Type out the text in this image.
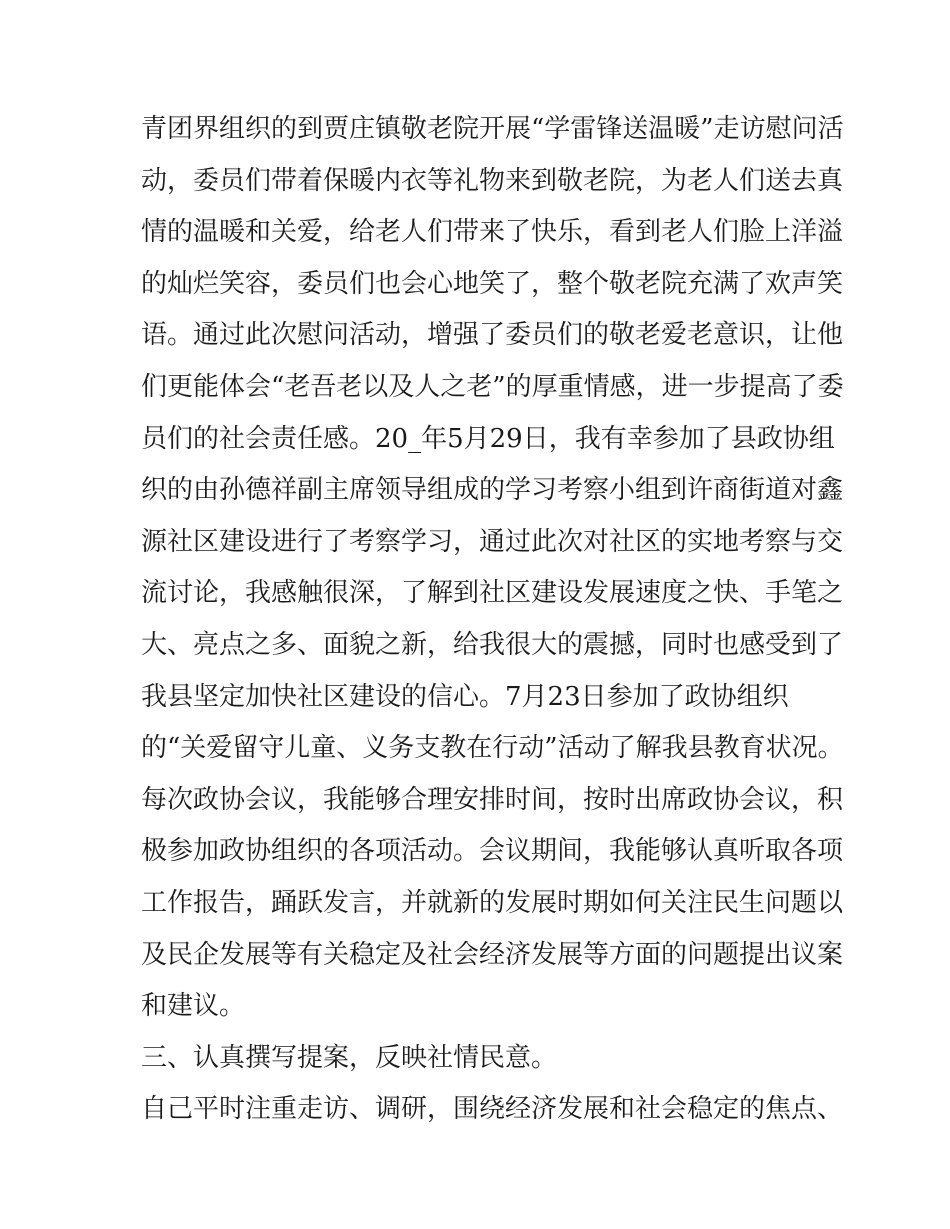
青团界组织的到贾庄镇敬老院开展“学雷锋送温暖”走访慰问活
动，委员们带着保暖内衣等礼物来到敬老院，为老人们送去真
情的温暖和关爱，给老人们带来了快乐，看到老人们脸上洋溢
的灿烂笑容，委员们也会心地笑了，整个敬老院充满了欢声笑
语。通过此次慰问活动，增强了委员们的敬老爱老意识，让他
们更能体会“老吾老以及人之老”的厚重情感，进一步提高了委
员们的社会责任感。20_年5月29日，我有幸参加了县政协组
织的由孙德祥副主席领导组成的学习考察小组到许商街道对鑫
源社区建设进行了考察学习，通过此次对社区的实地考察与交
流讨论，我感触很深，了解到社区建设发展速度之快、手笔之
大、亮点之多、面貌之新，给我很大的震撼，同时也感受到了
我县坚定加快社区建设的信心。7月23日参加了政协组织
的“关爱留守儿童、义务支教在行动”活动了解我县教育状况。
每次政协会议，我能够合理安排时间，按时出席政协会议，积
极参加政协组织的各项活动。会议期间，我能够认真听取各项
工作报告，踊跃发言，并就新的发展时期如何关注民生问题以
及民企发展等有关稳定及社会经济发展等方面的问题提出议案
和建议。
三、认真撰写提案，反映社情民意。
自己平时注重走访、调研，围绕经济发展和社会稳定的焦点、
